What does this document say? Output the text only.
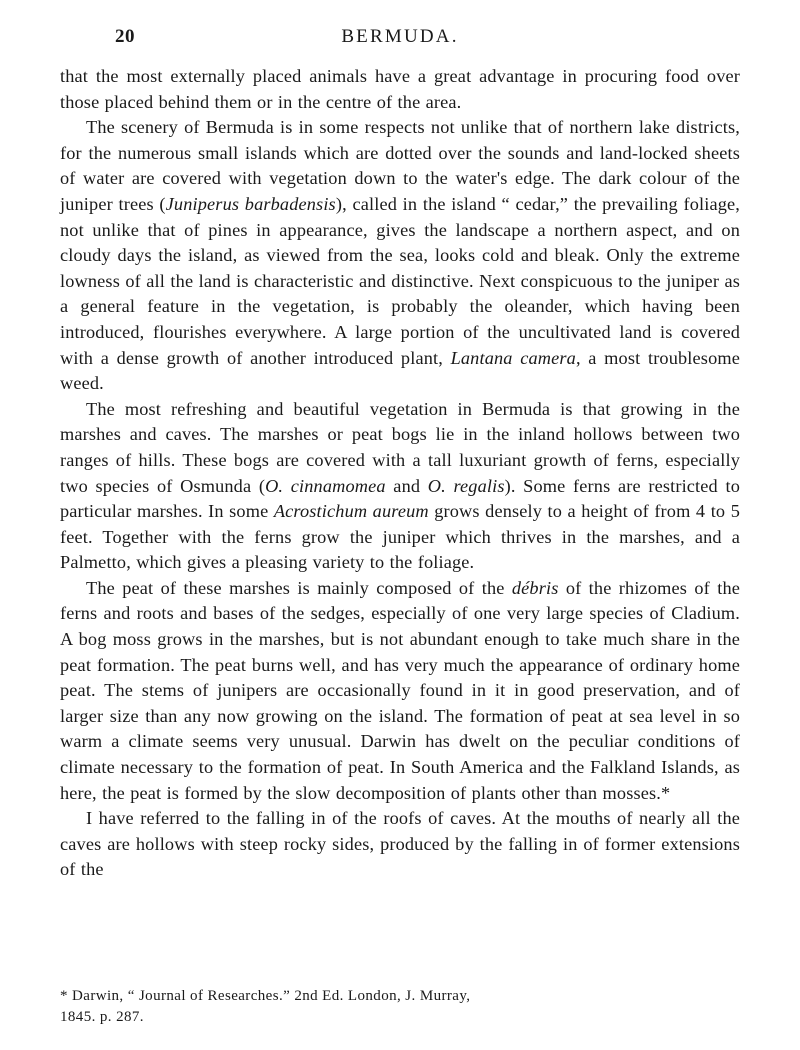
20	BERMUDA.

that the most externally placed animals have a great advantage in procuring food over those placed behind them or in the centre of the area.

The scenery of Bermuda is in some respects not unlike that of northern lake districts, for the numerous small islands which are dotted over the sounds and land-locked sheets of water are covered with vegetation down to the water's edge. The dark colour of the juniper trees (Juniperus barbadensis), called in the island “ cedar,” the prevailing foliage, not unlike that of pines in appearance, gives the landscape a northern aspect, and on cloudy days the island, as viewed from the sea, looks cold and bleak. Only the extreme lowness of all the land is characteristic and distinctive. Next conspicuous to the juniper as a general feature in the vegetation, is probably the oleander, which having been introduced, flourishes everywhere. A large portion of the uncultivated land is covered with a dense growth of another introduced plant, Lantana camera, a most troublesome weed.

The most refreshing and beautiful vegetation in Bermuda is that growing in the marshes and caves. The marshes or peat bogs lie in the inland hollows between two ranges of hills. These bogs are covered with a tall luxuriant growth of ferns, especially two species of Osmunda (O. cinnamomea and O. regalis). Some ferns are restricted to particular marshes. In some Acrostichum aureum grows densely to a height of from 4 to 5 feet. Together with the ferns grow the juniper which thrives in the marshes, and a Palmetto, which gives a pleasing variety to the foliage.

The peat of these marshes is mainly composed of the débris of the rhizomes of the ferns and roots and bases of the sedges, especially of one very large species of Cladium. A bog moss grows in the marshes, but is not abundant enough to take much share in the peat formation. The peat burns well, and has very much the appearance of ordinary home peat. The stems of junipers are occasionally found in it in good preservation, and of larger size than any now growing on the island. The formation of peat at sea level in so warm a climate seems very unusual. Darwin has dwelt on the peculiar conditions of climate necessary to the formation of peat. In South America and the Falkland Islands, as here, the peat is formed by the slow decomposition of plants other than mosses.*

I have referred to the falling in of the roofs of caves. At the mouths of nearly all the caves are hollows with steep rocky sides, produced by the falling in of former extensions of the

* Darwin, “ Journal of Researches.” 2nd Ed. London, J. Murray,
1845. p. 287.
